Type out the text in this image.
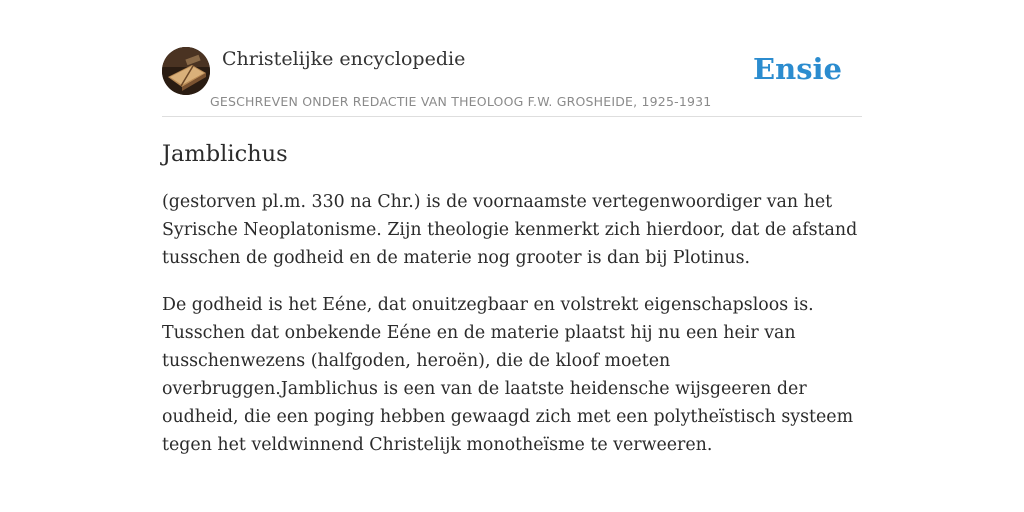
Christelijke encyclopedie
GESCHREVEN ONDER REDACTIE VAN THEOLOOG F.W. GROSHEIDE, 1925-1931
Ensie
Jamblichus

(gestorven pl.m. 330 na Chr.) is de voornaamste vertegenwoordiger van het Syrische Neoplatonisme. Zijn theologie kenmerkt zich hierdoor, dat de afstand tusschen de godheid en de materie nog grooter is dan bij Plotinus.

De godheid is het Eéne, dat onuitzegbaar en volstrekt eigenschapsloos is. Tusschen dat onbekende Eéne en de materie plaatst hij nu een heir van tusschenwezens (halfgoden, heroën), die de kloof moeten overbruggen.Jamblichus is een van de laatste heidensche wijsgeeren der oudheid, die een poging hebben gewaagd zich met een polytheïstisch systeem tegen het veldwinnend Christelijk monotheïsme te verweeren.
